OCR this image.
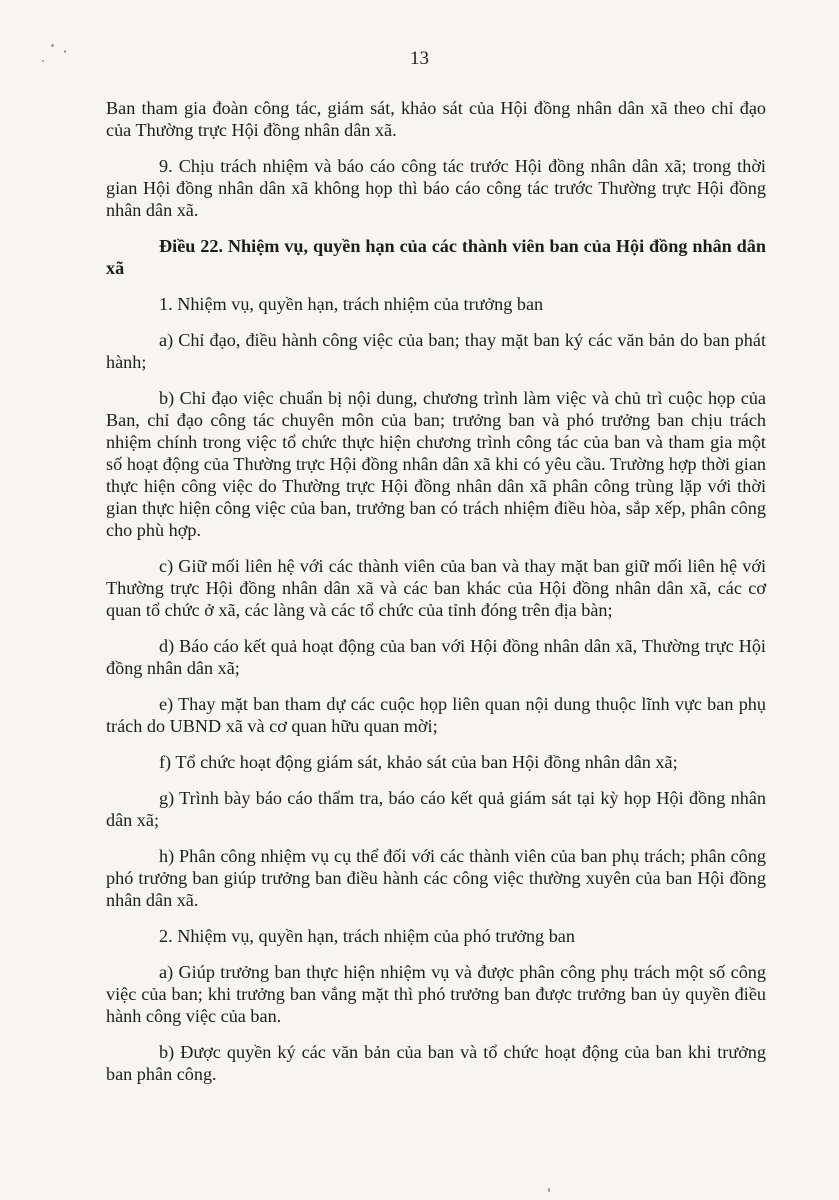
13

Ban tham gia đoàn công tác, giám sát, khảo sát của Hội đồng nhân dân xã theo chỉ đạo của Thường trực Hội đồng nhân dân xã.

9. Chịu trách nhiệm và báo cáo công tác trước Hội đồng nhân dân xã; trong thời gian Hội đồng nhân dân xã không họp thì báo cáo công tác trước Thường trực Hội đồng nhân dân xã.

Điều 22. Nhiệm vụ, quyền hạn của các thành viên ban của Hội đồng nhân dân xã

1. Nhiệm vụ, quyền hạn, trách nhiệm của trưởng ban

a) Chỉ đạo, điều hành công việc của ban; thay mặt ban ký các văn bản do ban phát hành;

b) Chỉ đạo việc chuẩn bị nội dung, chương trình làm việc và chủ trì cuộc họp của Ban, chỉ đạo công tác chuyên môn của ban; trưởng ban và phó trưởng ban chịu trách nhiệm chính trong việc tổ chức thực hiện chương trình công tác của ban và tham gia một số hoạt động của Thường trực Hội đồng nhân dân xã khi có yêu cầu. Trường hợp thời gian thực hiện công việc do Thường trực Hội đồng nhân dân xã phân công trùng lặp với thời gian thực hiện công việc của ban, trưởng ban có trách nhiệm điều hòa, sắp xếp, phân công cho phù hợp.

c) Giữ mối liên hệ với các thành viên của ban và thay mặt ban giữ mối liên hệ với Thường trực Hội đồng nhân dân xã và các ban khác của Hội đồng nhân dân xã, các cơ quan tổ chức ở xã, các làng và các tổ chức của tỉnh đóng trên địa bàn;

d) Báo cáo kết quả hoạt động của ban với Hội đồng nhân dân xã, Thường trực Hội đồng nhân dân xã;

e) Thay mặt ban tham dự các cuộc họp liên quan nội dung thuộc lĩnh vực ban phụ trách do UBND xã và cơ quan hữu quan mời;

f) Tổ chức hoạt động giám sát, khảo sát của ban Hội đồng nhân dân xã;

g) Trình bày báo cáo thẩm tra, báo cáo kết quả giám sát tại kỳ họp Hội đồng nhân dân xã;

h) Phân công nhiệm vụ cụ thể đối với các thành viên của ban phụ trách; phân công phó trưởng ban giúp trưởng ban điều hành các công việc thường xuyên của ban Hội đồng nhân dân xã.

2. Nhiệm vụ, quyền hạn, trách nhiệm của phó trưởng ban

a) Giúp trưởng ban thực hiện nhiệm vụ và được phân công phụ trách một số công việc của ban; khi trưởng ban vắng mặt thì phó trưởng ban được trưởng ban ủy quyền điều hành công việc của ban.

b) Được quyền ký các văn bản của ban và tổ chức hoạt động của ban khi trưởng ban phân công.
